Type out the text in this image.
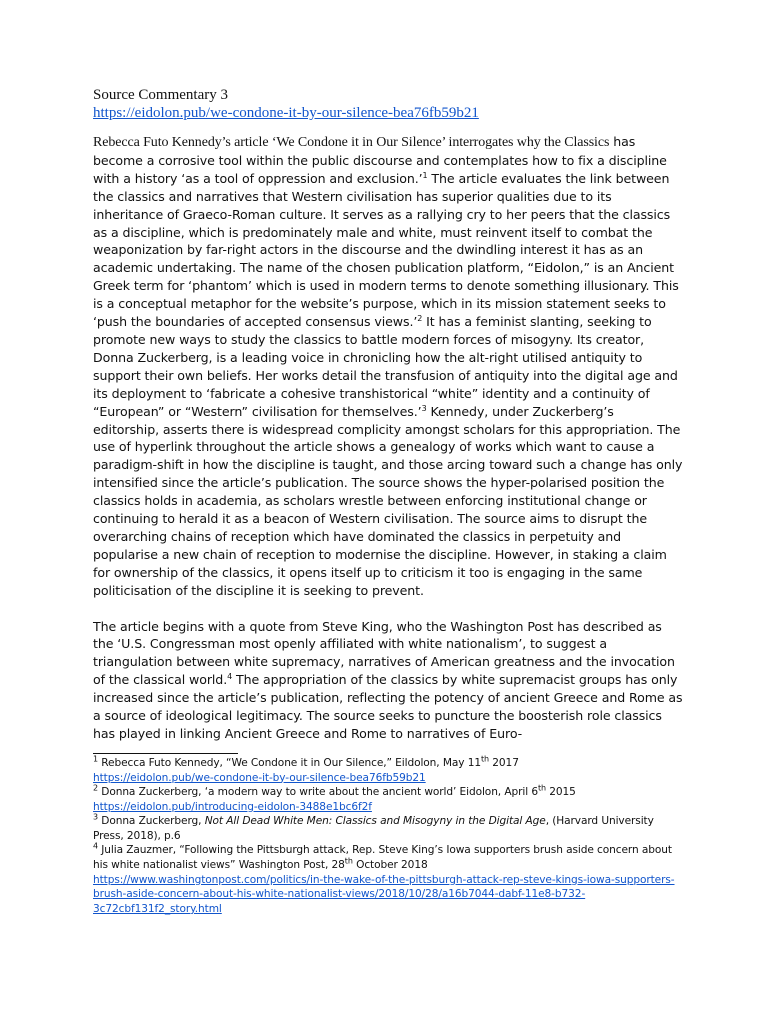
Source Commentary 3

https://eidolon.pub/we-condone-it-by-our-silence-bea76fb59b21

Rebecca Futo Kennedy’s article ‘We Condone it in Our Silence’ interrogates why the Classics has become a corrosive tool within the public discourse and contemplates how to fix a discipline with a history ‘as a tool of oppression and exclusion.’$^1$ The article evaluates the link between the classics and narratives that Western civilisation has superior qualities due to its inheritance of Graeco-Roman culture. It serves as a rallying cry to her peers that the classics as a discipline, which is predominately male and white, must reinvent itself to combat the weaponization by far-right actors in the discourse and the dwindling interest it has as an academic undertaking. The name of the chosen publication platform, “Eidolon,” is an Ancient Greek term for ‘phantom’ which is used in modern terms to denote something illusionary. This is a conceptual metaphor for the website’s purpose, which in its mission statement seeks to ‘push the boundaries of accepted consensus views.’$^2$ It has a feminist slanting, seeking to promote new ways to study the classics to battle modern forces of misogyny. Its creator, Donna Zuckerberg, is a leading voice in chronicling how the alt-right utilised antiquity to support their own beliefs. Her works detail the transfusion of antiquity into the digital age and its deployment to ‘fabricate a cohesive transhistorical “white” identity and a continuity of “European” or “Western” civilisation for themselves.’$^3$ Kennedy, under Zuckerberg’s editorship, asserts there is widespread complicity amongst scholars for this appropriation. The use of hyperlink throughout the article shows a genealogy of works which want to cause a paradigm-shift in how the discipline is taught, and those arcing toward such a change has only intensified since the article’s publication. The source shows the hyper-polarised position the classics holds in academia, as scholars wrestle between enforcing institutional change or continuing to herald it as a beacon of Western civilisation. The source aims to disrupt the overarching chains of reception which have dominated the classics in perpetuity and popularise a new chain of reception to modernise the discipline. However, in staking a claim for ownership of the classics, it opens itself up to criticism it too is engaging in the same politicisation of the discipline it is seeking to prevent.

The article begins with a quote from Steve King, who the Washington Post has described as the ‘U.S. Congressman most openly affiliated with white nationalism’, to suggest a triangulation between white supremacy, narratives of American greatness and the invocation of the classical world.$^4$ The appropriation of the classics by white supremacist groups has only increased since the article’s publication, reflecting the potency of ancient Greece and Rome as a source of ideological legitimacy. The source seeks to puncture the boosterish role classics has played in linking Ancient Greece and Rome to narratives of Euro-

$^1$ Rebecca Futo Kennedy, “We Condone it in Our Silence,” Eildolon, May 11th 2017
https://eidolon.pub/we-condone-it-by-our-silence-bea76fb59b21

$^2$ Donna Zuckerberg, ‘a modern way to write about the ancient world’ Eidolon, April 6th 2015
https://eidolon.pub/introducing-eidolon-3488e1bc6f2f

$^3$ Donna Zuckerberg, Not All Dead White Men: Classics and Misogyny in the Digital Age, (Harvard University Press, 2018), p.6

$^4$ Julia Zauzmer, “Following the Pittsburgh attack, Rep. Steve King’s Iowa supporters brush aside concern about his white nationalist views” Washington Post, 28th October 2018
https://www.washingtonpost.com/politics/in-the-wake-of-the-pittsburgh-attack-rep-steve-kings-iowa-supporters-brush-aside-concern-about-his-white-nationalist-views/2018/10/28/a16b7044-dabf-11e8-b732-3c72cbf131f2_story.html
